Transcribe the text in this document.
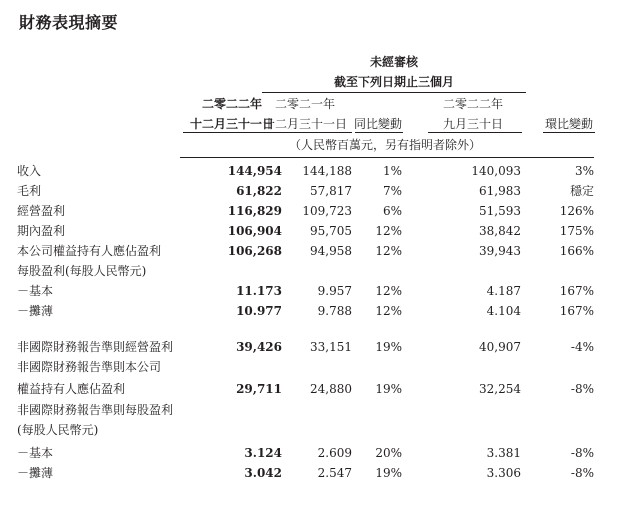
財務表現摘要
未經審核
截至下列日期止三個月
二零二二年
十二月三十一日
二零二一年
十二月三十一日 同比變動
二零二二年
九月三十日	環比變動
（人民幣百萬元，另有指明者除外）
收入	144,954 144,188	1%	140,093	3%
毛利	61,822 57,817	7%	61,983	穩定
經營盈利	116,829 109,723	6%	51,593	126%
期內盈利	106,904 95,705 12%	38,842	175%
本公司權益持有人應佔盈利	106,268 94,958 12%	39,943	166%
每股盈利(每股人民幣元)
－基本	11.173	9.957 12%	4.187	167%
－攤薄	10.977	9.788 12%	4.104	167%
非國際財務報告準則經營盈利	39,426 33,151 19%	40,907	-4%
非國際財務報告準則本公司
權益持有人應佔盈利	29,711 24,880 19%	32,254	-8%
非國際財務報告準則每股盈利
(每股人民幣元)
－基本	3.124	2.609 20%	3.381	-8%
－攤薄	3.042	2.547 19%	3.306	-8%
